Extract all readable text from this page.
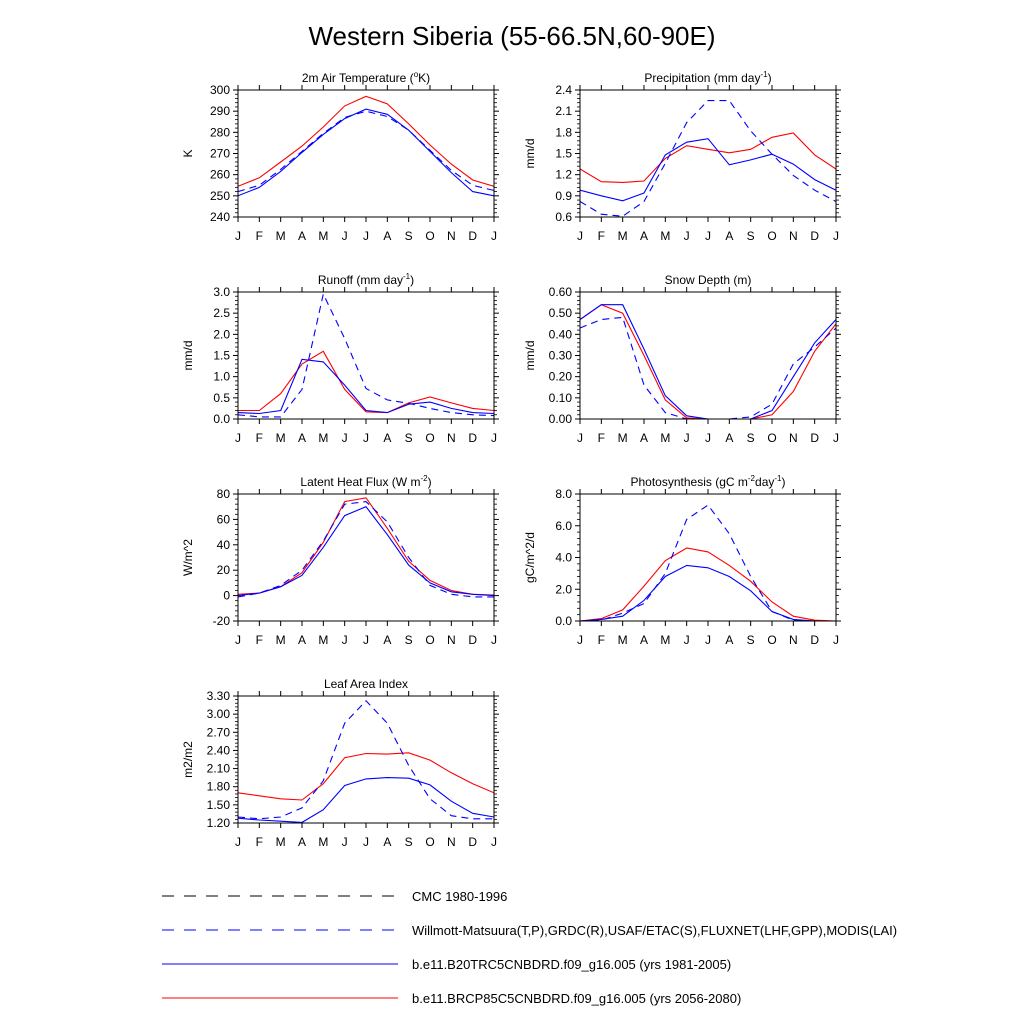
Western Siberia (55-66.5N,60-90E)
2m Air Temperature ($^o$K)
K
240
250
260
270
280
290
300
J F M A M J J A S O N D J
Precipitation (mm day$^{-1}$)
mm/d
0.6
0.9
1.2
1.5
1.8
2.1
2.4
J F M A M J J A S O N D J
Runoff (mm day$^{-1}$)
mm/d
0.0
0.5
1.0
1.5
2.0
2.5
3.0
J F M A M J J A S O N D J
Snow Depth (m)
mm/d
0.00
0.10
0.20
0.30
0.40
0.50
0.60
J F M A M J J A S O N D J
Latent Heat Flux (W $m^{-2}$)
W/m^2
-20
0
20
40
60
80
J F M A M J J A S O N D J
Photosynthesis (gC $m^{-2}day^{-1}$)
gC/m^2/d
0.0
2.0
4.0
6.0
8.0
J F M A M J J A S O N D J
Leaf Area Index
m2/m2
1.20
1.50
1.80
2.10
2.40
2.70
3.00
3.30
J F M A M J J A S O N D J
CMC 1980-1996
Willmott-Matsuura(T,P),GRDC(R),USAF/ETAC(S),FLUXNET(LHF,GPP),MODIS(LAI)
b.e11.B20TRC5CNBDRD.f09_g16.005 (yrs 1981-2005)
b.e11.BRCP85C5CNBDRD.f09_g16.005 (yrs 2056-2080)
